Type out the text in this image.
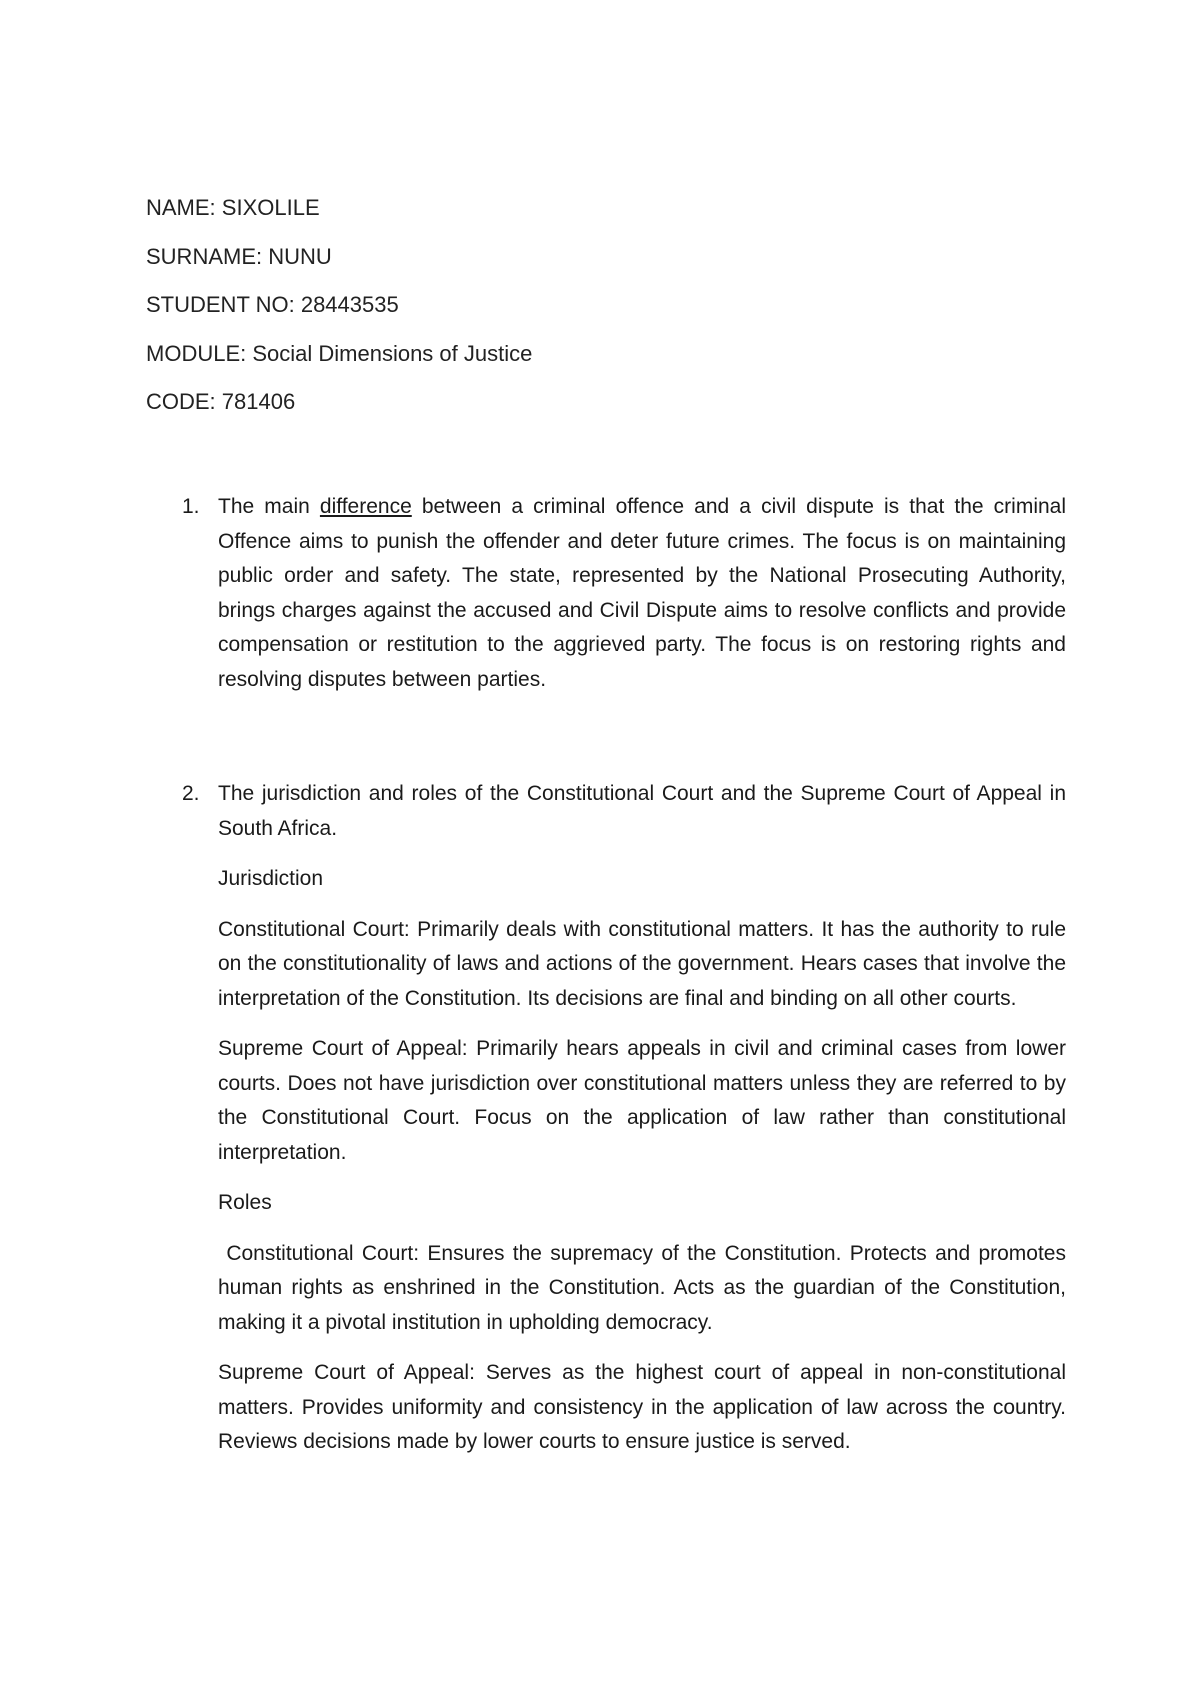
NAME: SIXOLILE
SURNAME: NUNU
STUDENT NO: 28443535
MODULE: Social Dimensions of Justice
CODE: 781406
1. The main difference between a criminal offence and a civil dispute is that the criminal Offence aims to punish the offender and deter future crimes. The focus is on maintaining public order and safety. The state, represented by the National Prosecuting Authority, brings charges against the accused and Civil Dispute aims to resolve conflicts and provide compensation or restitution to the aggrieved party. The focus is on restoring rights and resolving disputes between parties.

2. The jurisdiction and roles of the Constitutional Court and the Supreme Court of Appeal in South Africa.

Jurisdiction

Constitutional Court: Primarily deals with constitutional matters. It has the authority to rule on the constitutionality of laws and actions of the government. Hears cases that involve the interpretation of the Constitution. Its decisions are final and binding on all other courts.

Supreme Court of Appeal: Primarily hears appeals in civil and criminal cases from lower courts. Does not have jurisdiction over constitutional matters unless they are referred to by the Constitutional Court. Focus on the application of law rather than constitutional interpretation.

Roles

Constitutional Court: Ensures the supremacy of the Constitution. Protects and promotes human rights as enshrined in the Constitution. Acts as the guardian of the Constitution, making it a pivotal institution in upholding democracy.

Supreme Court of Appeal: Serves as the highest court of appeal in non-constitutional matters. Provides uniformity and consistency in the application of law across the country. Reviews decisions made by lower courts to ensure justice is served.
